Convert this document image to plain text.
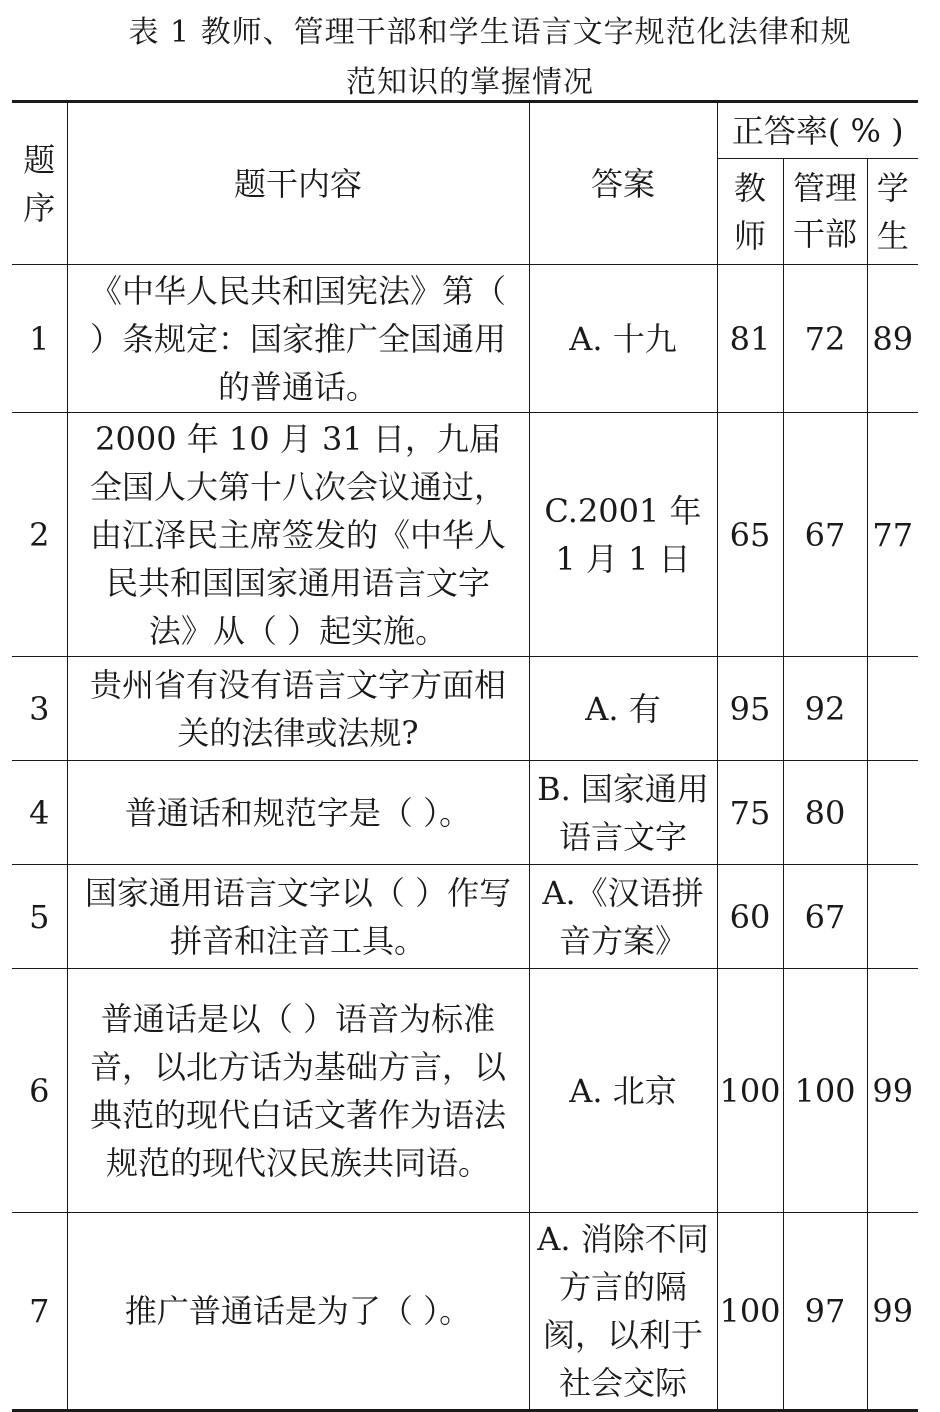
表 1 教师、管理干部和学生语言文字规范化法律和规
范知识的掌握情况
题序	题干内容	答案	正答率( % )		
			教师	管理干部	学生
1	《中华人民共和国宪法》第（ ）条规定：国家推广全国通用的普通话。	A. 十九	81	72	89
2	2000 年 10 月 31 日，九届全国人大第十八次会议通过，由江泽民主席签发的《中华人民共和国国家通用语言文字法》从（ ）起实施。	C.2001 年 1 月 1 日	65	67	77
3	贵州省有没有语言文字方面相关的法律或法规?	A. 有	95	92	
4	普通话和规范字是（ ）。	B. 国家通用语言文字	75	80	
5	国家通用语言文字以（ ）作写拼音和注音工具。	A.《汉语拼音方案》	60	67	
6	普通话是以（ ）语音为标准音，以北方话为基础方言，以典范的现代白话文著作为语法规范的现代汉民族共同语。	A. 北京	100	100	99
7	推广普通话是为了（ ）。	A. 消除不同方言的隔阂，以利于社会交际	100	97	99
